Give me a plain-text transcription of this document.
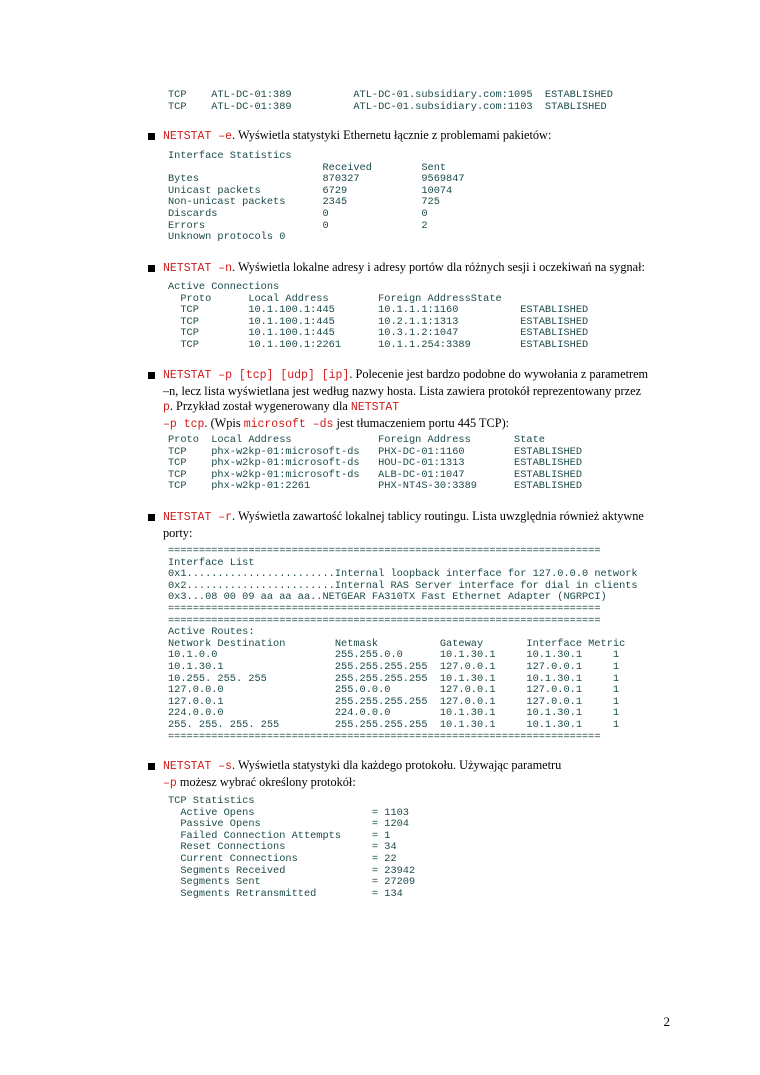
TCP    ATL-DC-01:389          ATL-DC-01.subsidiary.com:1095  ESTABLISHED
TCP    ATL-DC-01:389          ATL-DC-01.subsidiary.com:1103  STABLISHED
NETSTAT –e. Wyświetla statystyki Ethernetu łącznie z problemami pakietów:
Interface Statistics
Received        Sent
Bytes                    870327          9569847
Unicast packets          6729            10074
Non-unicast packets      2345            725
Discards                 0               0
Errors                   0               2
Unknown protocols 0
NETSTAT –n. Wyświetla lokalne adresy i adresy portów dla różnych sesji i oczekiwań na sygnał:
Active Connections
Proto      Local Address        Foreign AddressState
TCP        10.1.100.1:445       10.1.1.1:1160          ESTABLISHED
TCP        10.1.100.1:445       10.2.1.1:1313          ESTABLISHED
TCP        10.1.100.1:445       10.3.1.2:1047          ESTABLISHED
TCP        10.1.100.1:2261      10.1.1.254:3389        ESTABLISHED
NETSTAT –p [tcp] [udp] [ip]. Polecenie jest bardzo podobne do wywołania z parametrem
–n, lecz lista wyświetlana jest według nazwy hosta. Lista zawiera protokół reprezentowany przez
p. Przykład został wygenerowany dla NETSTAT
–p tcp. (Wpis microsoft –ds jest tłumaczeniem portu 445 TCP):
Proto  Local Address              Foreign Address       State
TCP    phx-w2kp-01:microsoft-ds   PHX-DC-01:1160        ESTABLISHED
TCP    phx-w2kp-01:microsoft-ds   HOU-DC-01:1313        ESTABLISHED
TCP    phx-w2kp-01:microsoft-ds   ALB-DC-01:1047        ESTABLISHED
TCP    phx-w2kp-01:2261           PHX-NT4S-30:3389      ESTABLISHED
NETSTAT –r. Wyświetla zawartość lokalnej tablicy routingu. Lista uwzględnia również aktywne
porty:
======================================================================
Interface List
0x1........................Internal loopback interface for 127.0.0.0 network
0x2........................Internal RAS Server interface for dial in clients
0x3...08 00 09 aa aa aa..NETGEAR FA310TX Fast Ethernet Adapter (NGRPCI)
======================================================================
======================================================================
Active Routes:
Network Destination        Netmask          Gateway       Interface Metric
10.1.0.0                   255.255.0.0      10.1.30.1     10.1.30.1     1
10.1.30.1                  255.255.255.255  127.0.0.1     127.0.0.1     1
10.255. 255. 255           255.255.255.255  10.1.30.1     10.1.30.1     1
127.0.0.0                  255.0.0.0        127.0.0.1     127.0.0.1     1
127.0.0.1                  255.255.255.255  127.0.0.1     127.0.0.1     1
224.0.0.0                  224.0.0.0        10.1.30.1     10.1.30.1     1
255. 255. 255. 255         255.255.255.255  10.1.30.1     10.1.30.1     1
======================================================================
NETSTAT –s. Wyświetla statystyki dla każdego protokołu. Używając parametru
–p możesz wybrać określony protokół:
TCP Statistics
Active Opens                   = 1103
Passive Opens                  = 1204
Failed Connection Attempts     = 1
Reset Connections              = 34
Current Connections            = 22
Segments Received              = 23942
Segments Sent                  = 27209
Segments Retransmitted         = 134
2
